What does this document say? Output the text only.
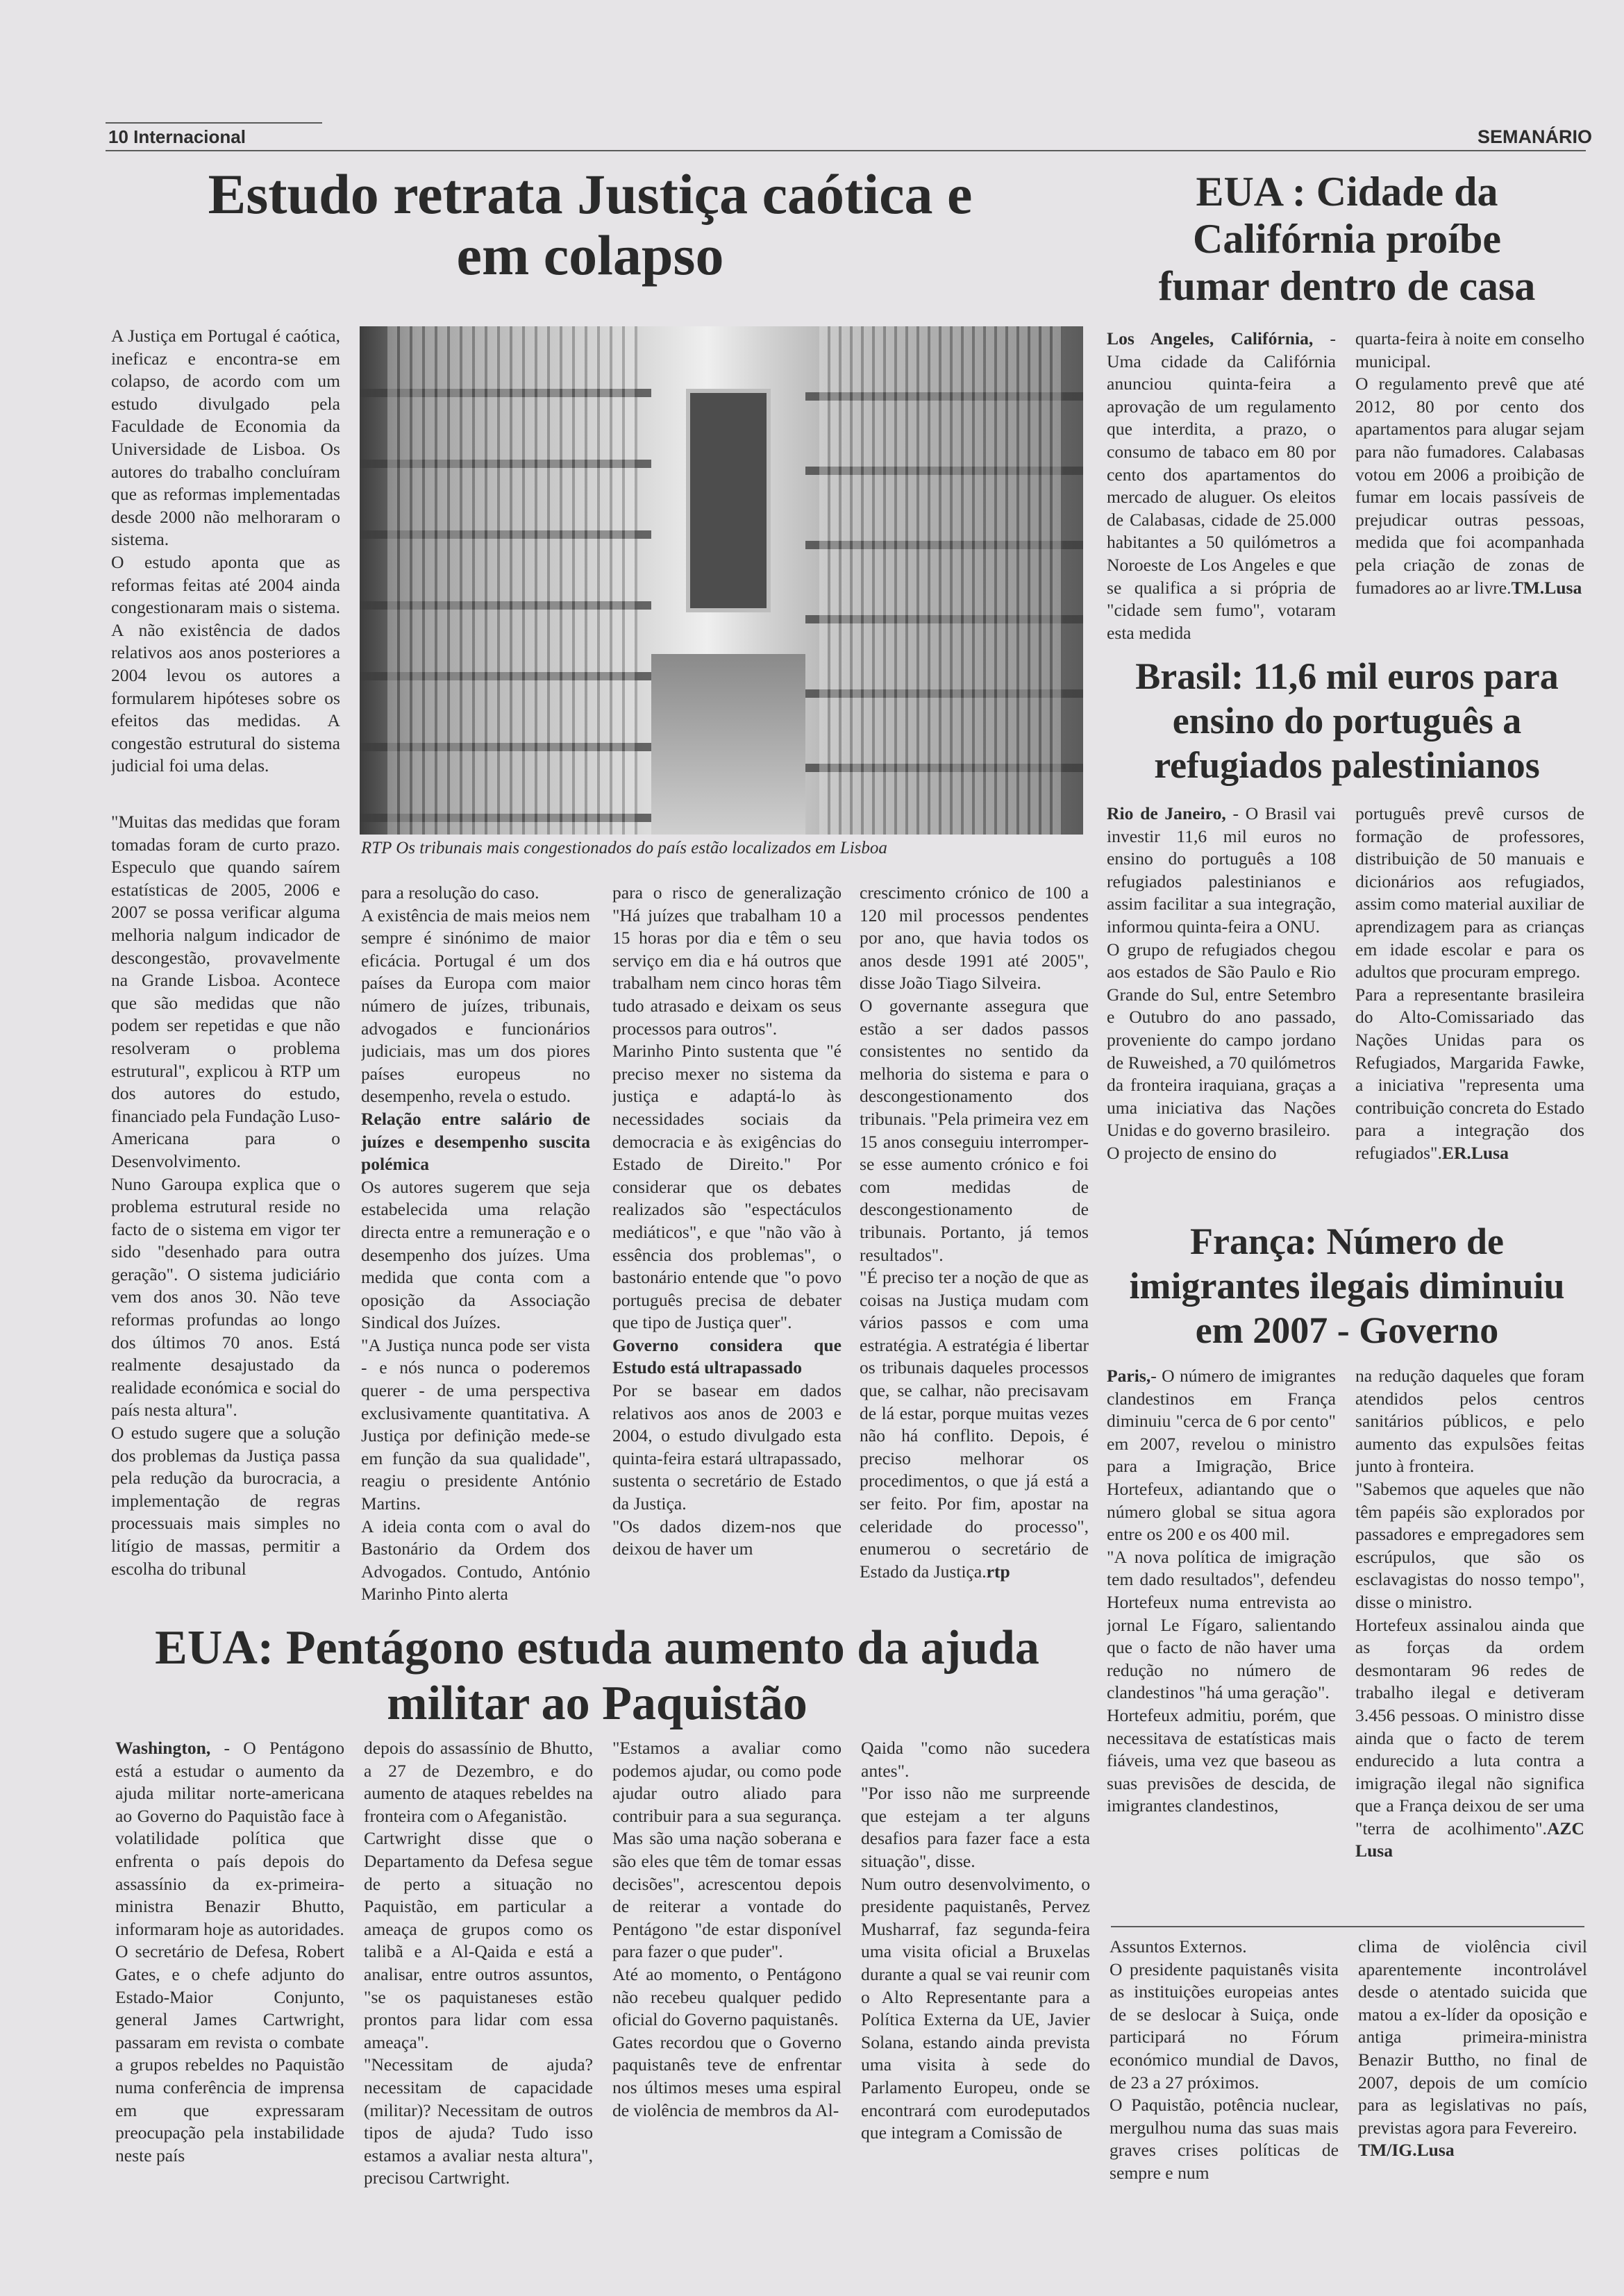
10 Internacional	SEMANÁRIO
Estudo retrata Justiça caótica e
em colapso
RTP Os tribunais mais congestionados do país estão localizados em Lisboa

A Justiça em Portugal é caótica, ineficaz e encontra-se em colapso, de acordo com um estudo divulgado pela Faculdade de Economia da Universidade de Lisboa. Os autores do trabalho concluíram que as reformas implementadas desde 2000 não melhoraram o sistema.

O estudo aponta que as reformas feitas até 2004 ainda congestionaram mais o sistema. A não existência de dados relativos aos anos posteriores a 2004 levou os autores a formularem hipóteses sobre os efeitos das medidas. A congestão estrutural do sistema judicial foi uma delas.

"Muitas das medidas que foram tomadas foram de curto prazo. Especulo que quando saírem estatísticas de 2005, 2006 e 2007 se possa verificar alguma melhoria nalgum indicador de descongestão, provavelmente na Grande Lisboa. Acontece que são medidas que não podem ser repetidas e que não resolveram o problema estrutural", explicou à RTP um dos autores do estudo, financiado pela Fundação Luso-Americana para o Desenvolvimento.

Nuno Garoupa explica que o problema estrutural reside no facto de o sistema em vigor ter sido "desenhado para outra geração". O sistema judiciário vem dos anos 30. Não teve reformas profundas ao longo dos últimos 70 anos. Está realmente desajustado da realidade económica e social do país nesta altura".

O estudo sugere que a solução dos problemas da Justiça passa pela redução da burocracia, a implementação de regras processuais mais simples no litígio de massas, permitir a escolha do tribunal

para a resolução do caso.

A existência de mais meios nem sempre é sinónimo de maior eficácia. Portugal é um dos países da Europa com maior número de juízes, tribunais, advogados e funcionários judiciais, mas um dos piores países europeus no desempenho, revela o estudo.

Relação entre salário de juízes e desempenho suscita polémica

Os autores sugerem que seja estabelecida uma relação directa entre a remuneração e o desempenho dos juízes. Uma medida que conta com a oposição da Associação Sindical dos Juízes.

"A Justiça nunca pode ser vista - e nós nunca o poderemos querer - de uma perspectiva exclusivamente quantitativa. A Justiça por definição mede-se em função da sua qualidade", reagiu o presidente António Martins.

A ideia conta com o aval do Bastonário da Ordem dos Advogados. Contudo, António Marinho Pinto alerta

para o risco de generalização "Há juízes que trabalham 10 a 15 horas por dia e têm o seu serviço em dia e há outros que trabalham nem cinco horas têm tudo atrasado e deixam os seus processos para outros".

Marinho Pinto sustenta que "é preciso mexer no sistema da justiça e adaptá-lo às necessidades sociais da democracia e às exigências do Estado de Direito." Por considerar que os debates realizados são "espectáculos mediáticos", e que "não vão à essência dos problemas", o bastonário entende que "o povo português precisa de debater que tipo de Justiça quer".

Governo considera que Estudo está ultrapassado

Por se basear em dados relativos aos anos de 2003 e 2004, o estudo divulgado esta quinta-feira estará ultrapassado, sustenta o secretário de Estado da Justiça.

"Os dados dizem-nos que deixou de haver um

crescimento crónico de 100 a 120 mil processos pendentes por ano, que havia todos os anos desde 1991 até 2005", disse João Tiago Silveira.

O governante assegura que estão a ser dados passos consistentes no sentido da melhoria do sistema e para o descongestionamento dos tribunais. "Pela primeira vez em 15 anos conseguiu interromper-se esse aumento crónico e foi com medidas de descongestionamento de tribunais. Portanto, já temos resultados".

"É preciso ter a noção de que as coisas na Justiça mudam com vários passos e com uma estratégia. A estratégia é libertar os tribunais daqueles processos que, se calhar, não precisavam de lá estar, porque muitas vezes não há conflito. Depois, é preciso melhorar os procedimentos, o que já está a ser feito. Por fim, apostar na celeridade do processo", enumerou o secretário de Estado da Justiça.rtp

EUA : Cidade da
Califórnia proíbe
fumar dentro de casa

Los Angeles, Califórnia, - Uma cidade da Califórnia anunciou quinta-feira a aprovação de um regulamento que interdita, a prazo, o consumo de tabaco em 80 por cento dos apartamentos do mercado de aluguer. Os eleitos de Calabasas, cidade de 25.000 habitantes a 50 quilómetros a Noroeste de Los Angeles e que se qualifica a si própria de "cidade sem fumo", votaram esta medida

quarta-feira à noite em conselho municipal.

O regulamento prevê que até 2012, 80 por cento dos apartamentos para alugar sejam para não fumadores. Calabasas votou em 2006 a proibição de fumar em locais passíveis de prejudicar outras pessoas, medida que foi acompanhada pela criação de zonas de fumadores ao ar livre.TM.Lusa

Brasil: 11,6 mil euros para
ensino do português a
refugiados palestinianos

Rio de Janeiro, - O Brasil vai investir 11,6 mil euros no ensino do português a 108 refugiados palestinianos e assim facilitar a sua integração, informou quinta-feira a ONU.

O grupo de refugiados chegou aos estados de São Paulo e Rio Grande do Sul, entre Setembro e Outubro do ano passado, proveniente do campo jordano de Ruweished, a 70 quilómetros da fronteira iraquiana, graças a uma iniciativa das Nações Unidas e do governo brasileiro.

O projecto de ensino do

português prevê cursos de formação de professores, distribuição de 50 manuais e dicionários aos refugiados, assim como material auxiliar de aprendizagem para as crianças em idade escolar e para os adultos que procuram emprego.

Para a representante brasileira do Alto-Comissariado das Nações Unidas para os Refugiados, Margarida Fawke, a iniciativa "representa uma contribuição concreta do Estado para a integração dos refugiados".ER.Lusa

França: Número de
imigrantes ilegais diminuiu
em 2007 - Governo

Paris,- O número de imigrantes clandestinos em França diminuiu "cerca de 6 por cento" em 2007, revelou o ministro para a Imigração, Brice Hortefeux, adiantando que o número global se situa agora entre os 200 e os 400 mil.

"A nova política de imigração tem dado resultados", defendeu Hortefeux numa entrevista ao jornal Le Fígaro, salientando que o facto de não haver uma redução no número de clandestinos "há uma geração".

Hortefeux admitiu, porém, que necessitava de estatísticas mais fiáveis, uma vez que baseou as suas previsões de descida, de imigrantes clandestinos,

na redução daqueles que foram atendidos pelos centros sanitários públicos, e pelo aumento das expulsões feitas junto à fronteira.

"Sabemos que aqueles que não têm papéis são explorados por passadores e empregadores sem escrúpulos, que são os esclavagistas do nosso tempo", disse o ministro.

Hortefeux assinalou ainda que as forças da ordem desmontaram 96 redes de trabalho ilegal e detiveram 3.456 pessoas. O ministro disse ainda que o facto de terem endurecido a luta contra a imigração ilegal não significa que a França deixou de ser uma "terra de acolhimento".AZC Lusa

EUA: Pentágono estuda aumento da ajuda
militar ao Paquistão

Washington, - O Pentágono está a estudar o aumento da ajuda militar norte-americana ao Governo do Paquistão face à volatilidade política que enfrenta o país depois do assassínio da ex-primeira-ministra Benazir Bhutto, informaram hoje as autoridades.

O secretário de Defesa, Robert Gates, e o chefe adjunto do Estado-Maior Conjunto, general James Cartwright, passaram em revista o combate a grupos rebeldes no Paquistão numa conferência de imprensa em que expressaram preocupação pela instabilidade neste país

depois do assassínio de Bhutto, a 27 de Dezembro, e do aumento de ataques rebeldes na fronteira com o Afeganistão.

Cartwright disse que o Departamento da Defesa segue de perto a situação no Paquistão, em particular a ameaça de grupos como os talibã e a Al-Qaida e está a analisar, entre outros assuntos, "se os paquistaneses estão prontos para lidar com essa ameaça".

"Necessitam de ajuda? necessitam de capacidade (militar)? Necessitam de outros tipos de ajuda? Tudo isso estamos a avaliar nesta altura", precisou Cartwright.

"Estamos a avaliar como podemos ajudar, ou como pode ajudar outro aliado para contribuir para a sua segurança. Mas são uma nação soberana e são eles que têm de tomar essas decisões", acrescentou depois de reiterar a vontade do Pentágono "de estar disponível para fazer o que puder".

Até ao momento, o Pentágono não recebeu qualquer pedido oficial do Governo paquistanês.

Gates recordou que o Governo paquistanês teve de enfrentar nos últimos meses uma espiral de violência de membros da Al-

Qaida "como não sucedera antes".

"Por isso não me surpreende que estejam a ter alguns desafios para fazer face a esta situação", disse.

Num outro desenvolvimento, o presidente paquistanês, Pervez Musharraf, faz segunda-feira uma visita oficial a Bruxelas durante a qual se vai reunir com o Alto Representante para a Política Externa da UE, Javier Solana, estando ainda prevista uma visita à sede do Parlamento Europeu, onde se encontrará com eurodeputados que integram a Comissão de

Assuntos Externos.

O presidente paquistanês visita as instituições europeias antes de se deslocar à Suiça, onde participará no Fórum económico mundial de Davos, de 23 a 27 próximos.

O Paquistão, potência nuclear, mergulhou numa das suas mais graves crises políticas de sempre e num

clima de violência civil aparentemente incontrolável desde o atentado suicida que matou a ex-líder da oposição e antiga primeira-ministra Benazir Buttho, no final de 2007, depois de um comício para as legislativas no país, previstas agora para Fevereiro.

TM/IG.Lusa
